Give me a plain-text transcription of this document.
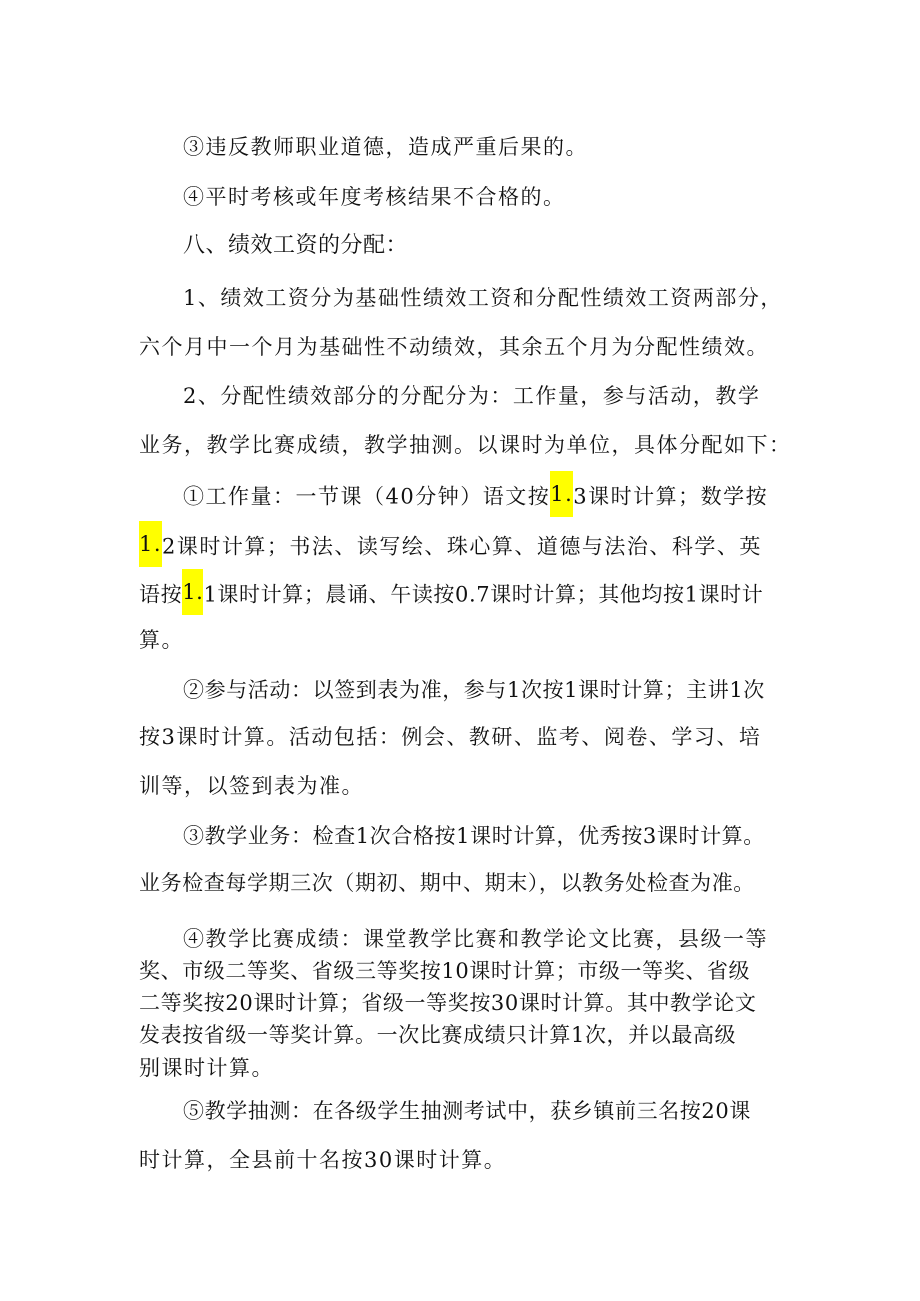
③违反教师职业道德，造成严重后果的。
④平时考核或年度考核结果不合格的。
八、绩效工资的分配：
1、绩效工资分为基础性绩效工资和分配性绩效工资两部分，
六个月中一个月为基础性不动绩效，其余五个月为分配性绩效。
2、分配性绩效部分的分配分为：工作量，参与活动，教学
业务，教学比赛成绩，教学抽测。以课时为单位，具体分配如下：
①工作量：一节课（40分钟）语文按1.3课时计算；数学按
1.2课时计算；书法、读写绘、珠心算、道德与法治、科学、英
语按1.1课时计算；晨诵、午读按0.7课时计算；其他均按1课时计
算。
②参与活动：以签到表为准，参与1次按1课时计算；主讲1次
按3课时计算。活动包括：例会、教研、监考、阅卷、学习、培
训等，以签到表为准。
③教学业务：检查1次合格按1课时计算，优秀按3课时计算。
业务检查每学期三次（期初、期中、期末），以教务处检查为准。
④教学比赛成绩：课堂教学比赛和教学论文比赛，县级一等
奖、市级二等奖、省级三等奖按10课时计算；市级一等奖、省级
二等奖按20课时计算；省级一等奖按30课时计算。其中教学论文
发表按省级一等奖计算。一次比赛成绩只计算1次，并以最高级
别课时计算。
⑤教学抽测：在各级学生抽测考试中，获乡镇前三名按20课
时计算，全县前十名按30课时计算。
